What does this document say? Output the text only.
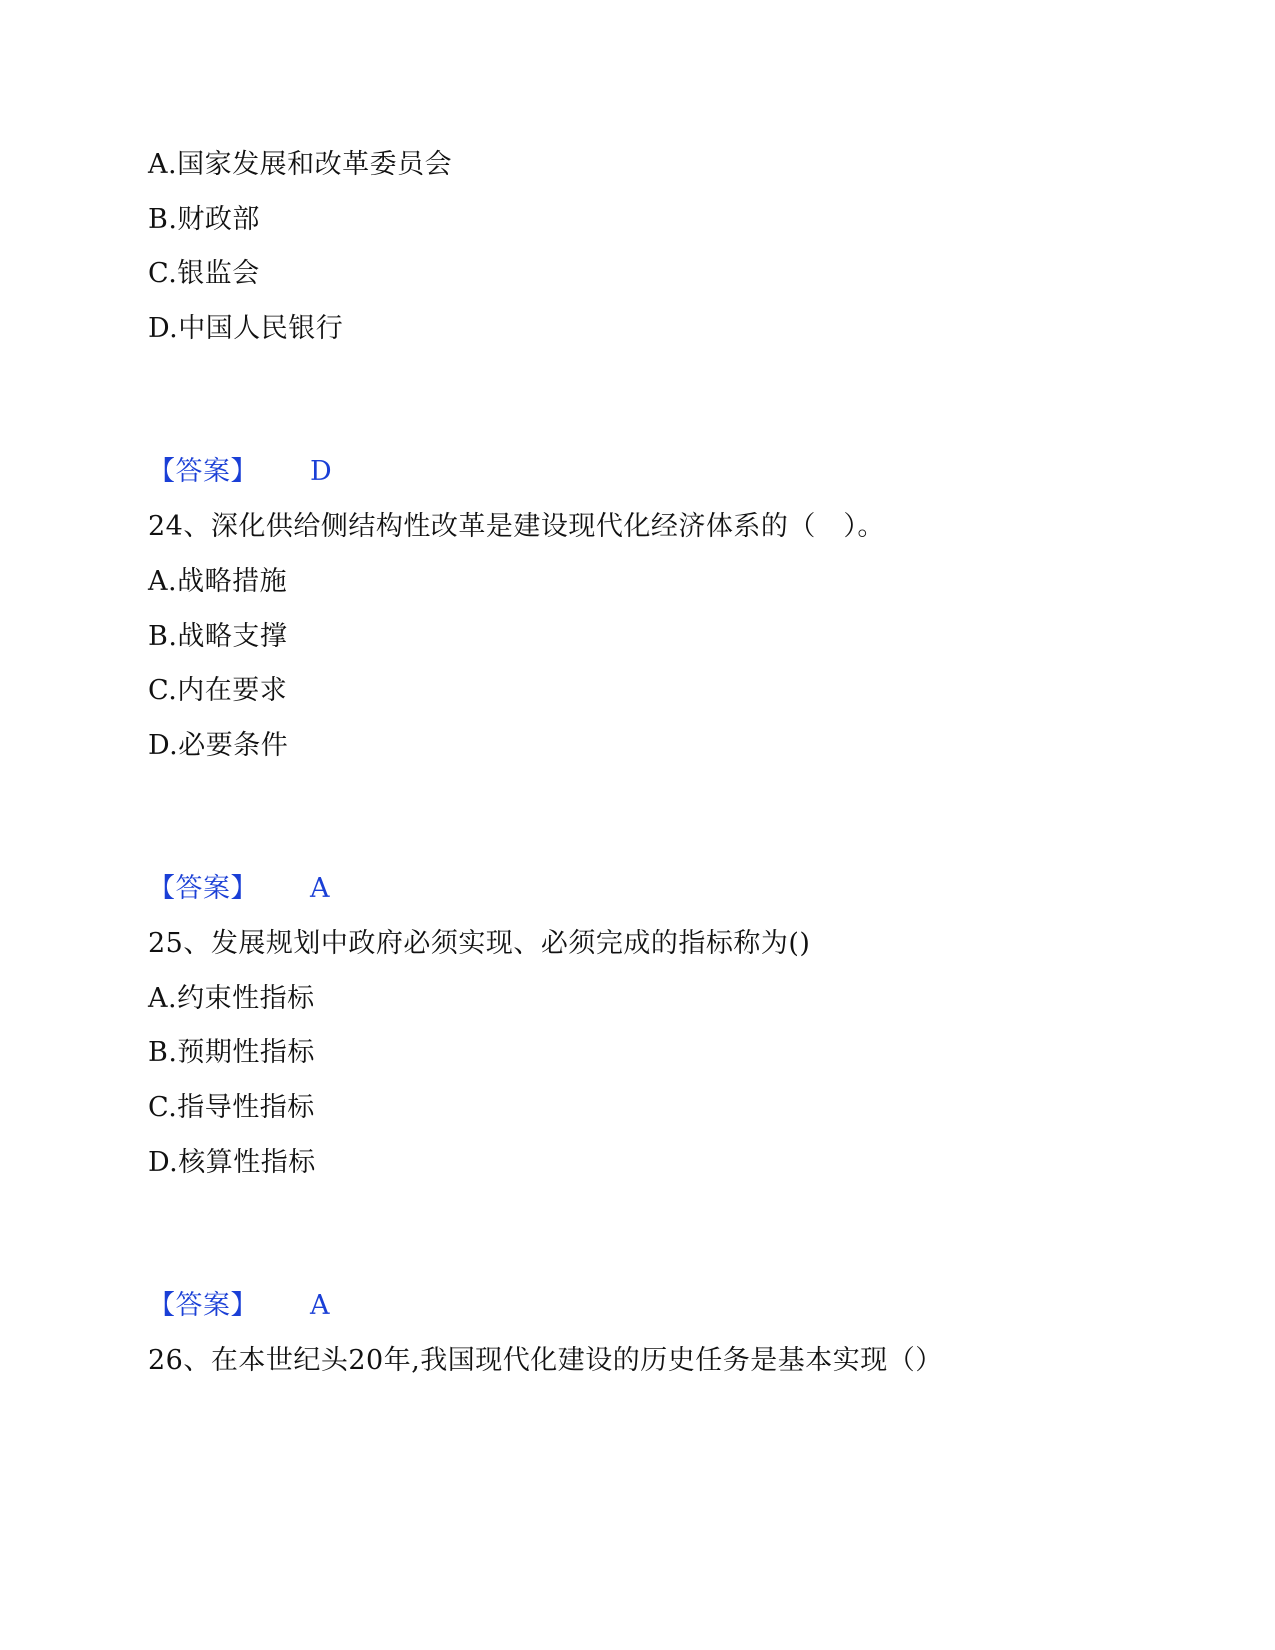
A.国家发展和改革委员会
B.财政部
C.银监会
D.中国人民银行
【答案】 D
24、深化供给侧结构性改革是建设现代化经济体系的（　）。
A.战略措施
B.战略支撑
C.内在要求
D.必要条件
【答案】 A
25、发展规划中政府必须实现、必须完成的指标称为()
A.约束性指标
B.预期性指标
C.指导性指标
D.核算性指标
【答案】 A
26、在本世纪头20年,我国现代化建设的历史任务是基本实现（）
